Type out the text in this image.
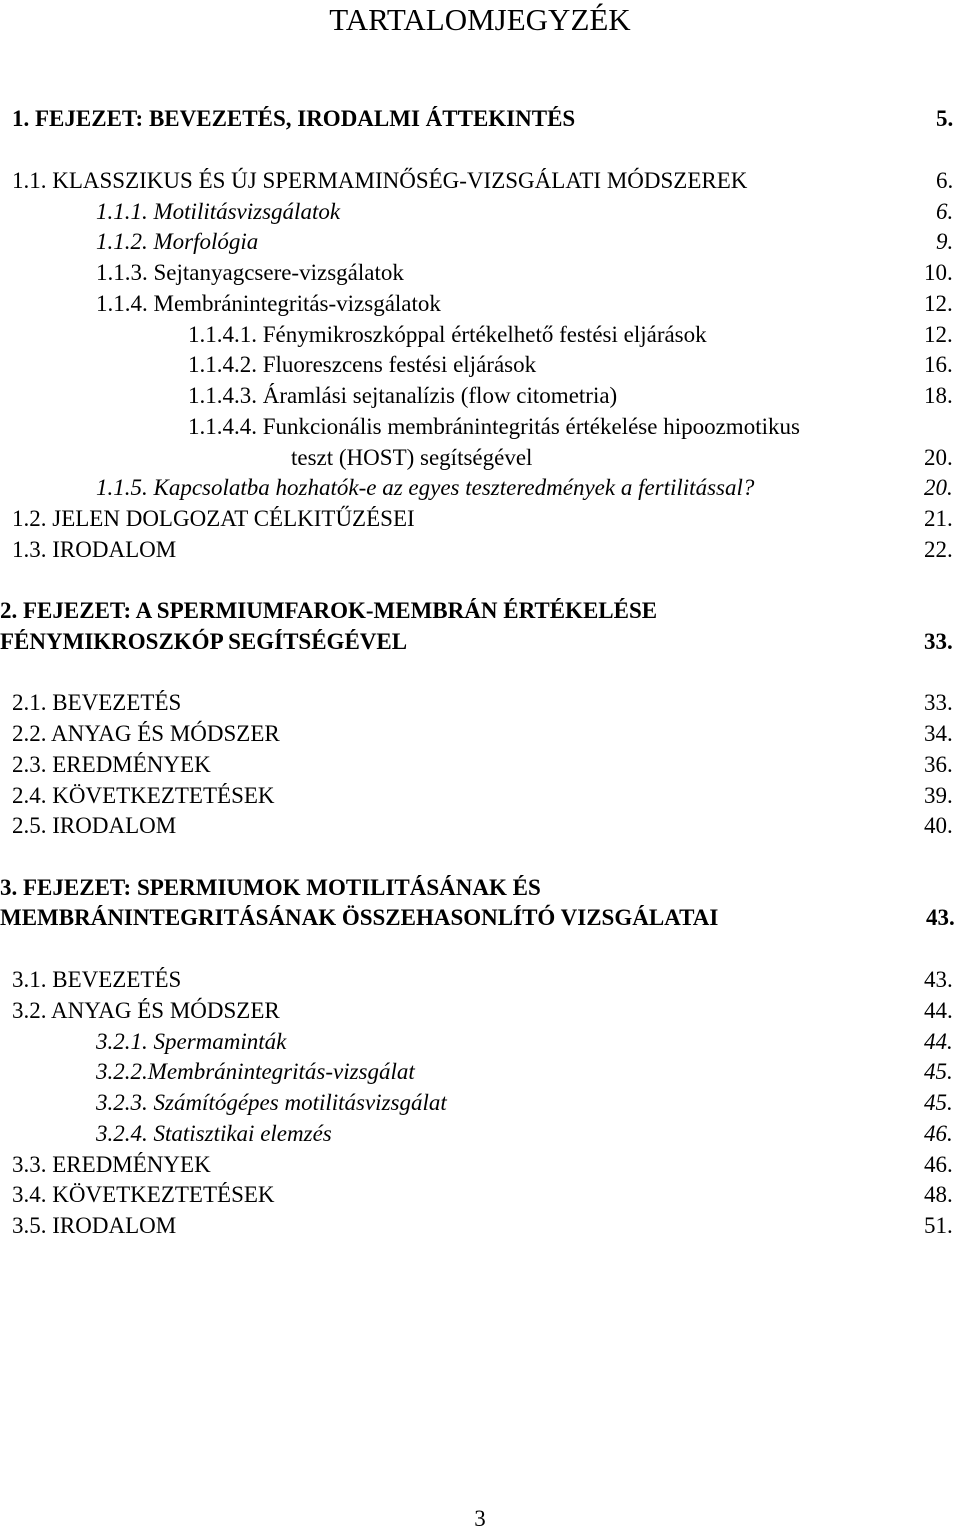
TARTALOMJEGYZÉK
1. FEJEZET: BEVEZETÉS, IRODALMI ÁTTEKINTÉS	5.
1.1. KLASSZIKUS ÉS ÚJ SPERMAMINŐSÉG-VIZSGÁLATI MÓDSZEREK	6.
1.1.1. Motilitásvizsgálatok	6.
1.1.2. Morfológia	9.
1.1.3. Sejtanyagcsere-vizsgálatok	10.
1.1.4. Membránintegritás-vizsgálatok	12.
1.1.4.1. Fénymikroszkóppal értékelhető festési eljárások	12.
1.1.4.2. Fluoreszcens festési eljárások	16.
1.1.4.3. Áramlási sejtanalízis (flow citometria)	18.
1.1.4.4. Funkcionális membránintegritás értékelése hipoozmotikus
teszt (HOST) segítségével	20.
1.1.5. Kapcsolatba hozhatók-e az egyes teszteredmények a fertilitással?	20.
1.2. JELEN DOLGOZAT CÉLKITŰZÉSEI	21.
1.3. IRODALOM	22.
2. FEJEZET: A SPERMIUMFAROK-MEMBRÁN ÉRTÉKELÉSE
FÉNYMIKROSZKÓP SEGÍTSÉGÉVEL	33.
2.1. BEVEZETÉS	33.
2.2. ANYAG ÉS MÓDSZER	34.
2.3. EREDMÉNYEK	36.
2.4. KÖVETKEZTETÉSEK	39.
2.5. IRODALOM	40.
3. FEJEZET: SPERMIUMOK MOTILITÁSÁNAK ÉS
MEMBRÁNINTEGRITÁSÁNAK ÖSSZEHASONLÍTÓ VIZSGÁLATAI	43.
3.1. BEVEZETÉS	43.
3.2. ANYAG ÉS MÓDSZER	44.
3.2.1. Spermaminták	44.
3.2.2.Membránintegritás-vizsgálat	45.
3.2.3. Számítógépes motilitásvizsgálat	45.
3.2.4. Statisztikai elemzés	46.
3.3. EREDMÉNYEK	46.
3.4. KÖVETKEZTETÉSEK	48.
3.5. IRODALOM	51.
3
